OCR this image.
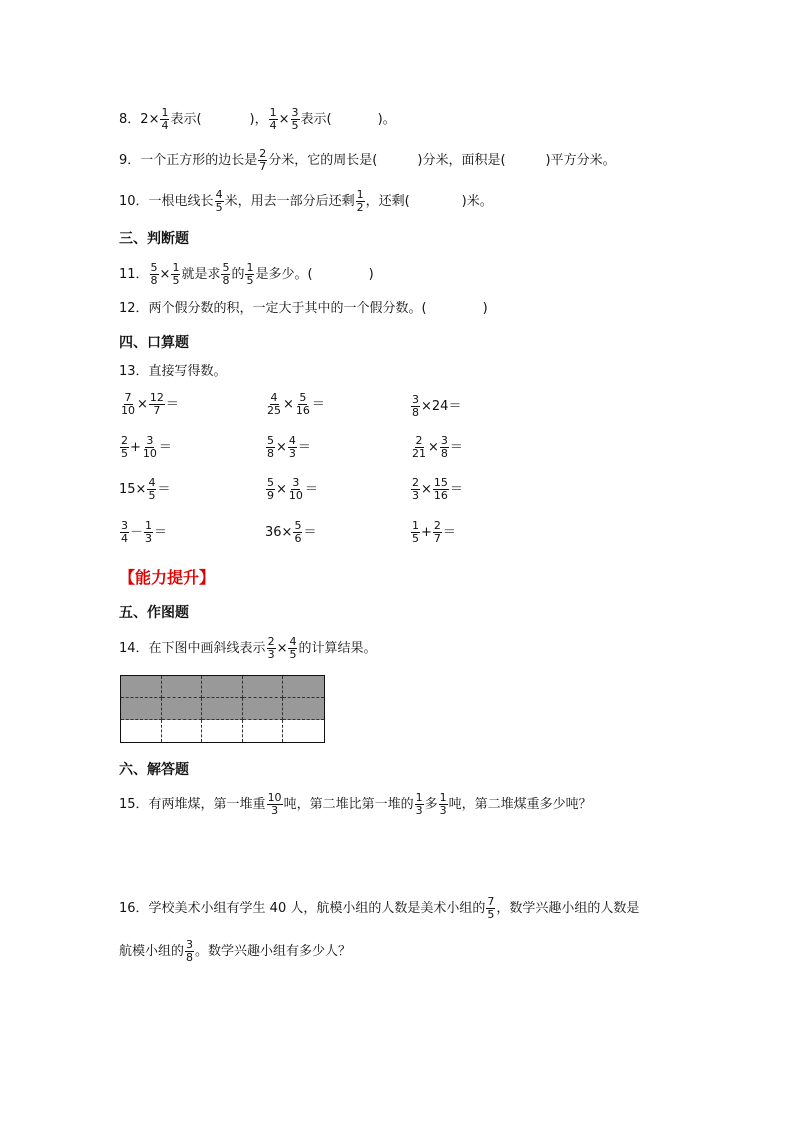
8．$2\times \frac{1}{4}$ 表示(	)， $\frac{1}{4} \times \frac{3}{5}$ 表示(	)。
9．一个正方形的边长是 $\frac{2}{7}$ 分米，它的周长是(	)分米，面积是(	)平方分米。
10．一根电线长 $\frac{4}{5}$ 米，用去一部分后还剩 $\frac{1}{2}$ ，还剩(	)米。
三、判断题
11． $\frac{5}{8} \times \frac{1}{5}$ 就是求 $\frac{5}{8}$ 的 $\frac{1}{5}$ 是多少。(	)
12．两个假分数的积，一定大于其中的一个假分数。(	)
四、口算题
13．直接写得数。
$\frac{7}{10} \times \frac{12}{7}$ ＝	$\frac{4}{25} \times \frac{5}{16}$ ＝	$\frac{3}{8} \times 24=$
$\frac{2}{5} + \frac{3}{10}$ ＝	$\frac{5}{8} \times \frac{4}{3}$ ＝	$\frac{2}{21} \times \frac{3}{8}$ ＝
$15\times \frac{4}{5}$ ＝	$\frac{5}{9} \times \frac{3}{10}$ ＝	$\frac{2}{3} \times \frac{15}{16}$ ＝
$\frac{3}{4} - \frac{1}{3}$ ＝	$36\times \frac{5}{6}$ ＝	$\frac{1}{5} + \frac{2}{7}$ ＝
【能力提升】
五、作图题
14．在下图中画斜线表示 $\frac{2}{3} \times \frac{4}{5}$ 的计算结果。
六、解答题
15．有两堆煤，第一堆重 $\frac{10}{3}$ 吨，第二堆比第一堆的 $\frac{1}{3}$ 多 $\frac{1}{3}$ 吨，第二堆煤重多少吨？
16．学校美术小组有学生 40 人，航模小组的人数是美术小组的 $\frac{7}{5}$ ，数学兴趣小组的人数是
航模小组的 $\frac{3}{8}$ 。数学兴趣小组有多少人？
